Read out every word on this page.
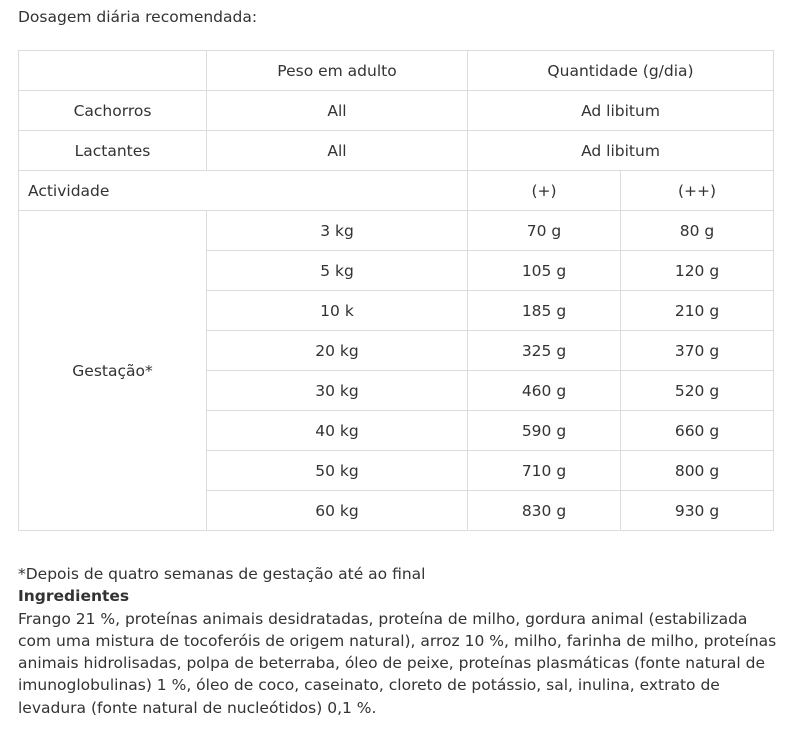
Dosagem diária recomendada:

	Peso em adulto	Quantidade (g/dia)	
Cachorros	All	Ad libitum	
Lactantes	All	Ad libitum	
Actividade		(+)	(++)
Gestação*	3 kg	70 g	80 g
	5 kg	105 g	120 g
	10 k	185 g	210 g
	20 kg	325 g	370 g
	30 kg	460 g	520 g
	40 kg	590 g	660 g
	50 kg	710 g	800 g
	60 kg	830 g	930 g

*Depois de quatro semanas de gestação até ao final

Ingredientes

Frango 21 %, proteínas animais desidratadas, proteína de milho, gordura animal (estabilizada com uma mistura de tocoferóis de origem natural), arroz 10 %, milho, farinha de milho, proteínas animais hidrolisadas, polpa de beterraba, óleo de peixe, proteínas plasmáticas (fonte natural de imunoglobulinas) 1 %, óleo de coco, caseinato, cloreto de potássio, sal, inulina, extrato de levadura (fonte natural de nucleótidos) 0,1 %.
